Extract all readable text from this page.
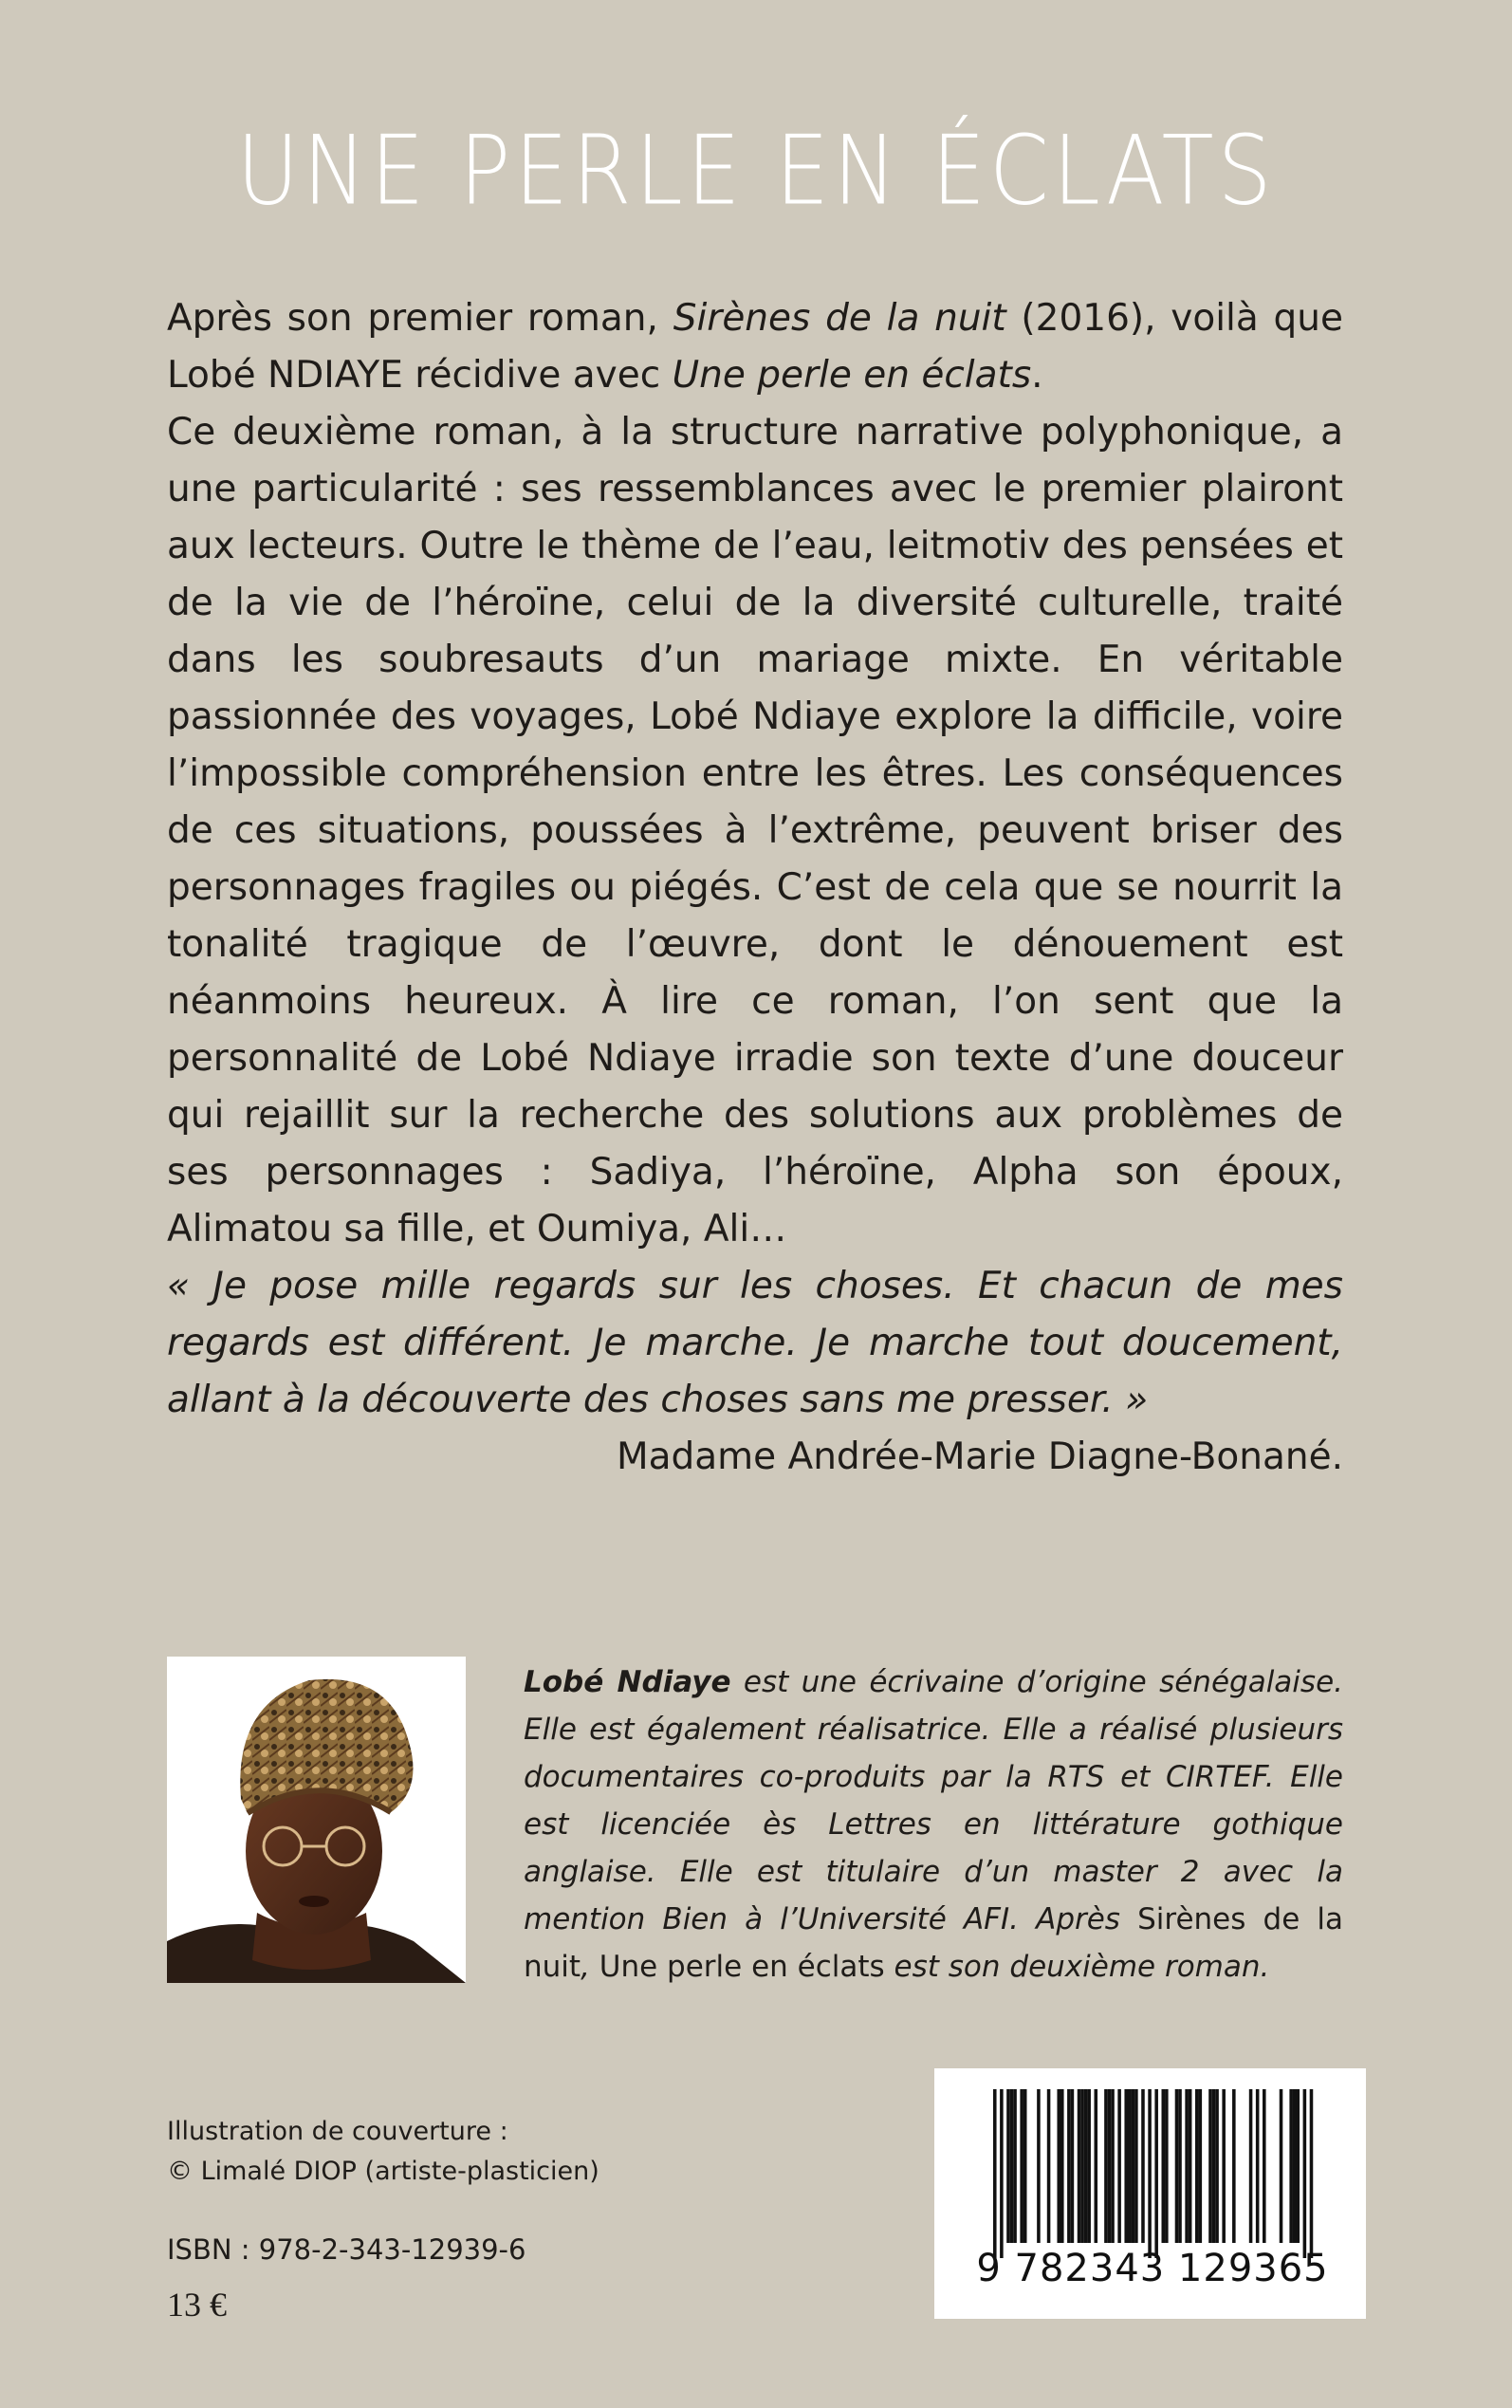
UNE PERLE EN ÉCLATS

Après son premier roman, Sirènes de la nuit (2016), voilà que Lobé NDIAYE récidive avec Une perle en éclats.

Ce deuxième roman, à la structure narrative polyphonique, a une particularité : ses ressemblances avec le premier plairont aux lecteurs. Outre le thème de l’eau, leitmotiv des pensées et de la vie de l’héroïne, celui de la diversité culturelle, traité dans les soubresauts d’un mariage mixte. En véritable passionnée des voyages, Lobé Ndiaye explore la difficile, voire l’impossible compréhension entre les êtres. Les conséquences de ces situations, poussées à l’extrême, peuvent briser des personnages fragiles ou piégés. C’est de cela que se nourrit la tonalité tragique de l’œuvre, dont le dénouement est néanmoins heureux. À lire ce roman, l’on sent que la personnalité de Lobé Ndiaye irradie son texte d’une douceur qui rejaillit sur la recherche des solutions aux problèmes de ses personnages : Sadiya, l’héroïne, Alpha son époux, Alimatou sa fille, et Oumiya, Ali…

« Je pose mille regards sur les choses. Et chacun de mes regards est différent. Je marche. Je marche tout doucement, allant à la découverte des choses sans me presser. »

Madame Andrée-Marie Diagne-Bonané.

Lobé Ndiaye est une écrivaine d’origine sénégalaise. Elle est également réalisatrice. Elle a réalisé plusieurs documentaires co-produits par la RTS et CIRTEF. Elle est licenciée ès Lettres en littérature gothique anglaise. Elle est titulaire d’un master 2 avec la mention Bien à l’Université AFI. Après Sirènes de la nuit, Une perle en éclats est son deuxième roman.
Illustration de couverture :
© Limalé DIOP (artiste-plasticien)
ISBN : 978-2-343-12939-6
13 €
9 782343 129365
